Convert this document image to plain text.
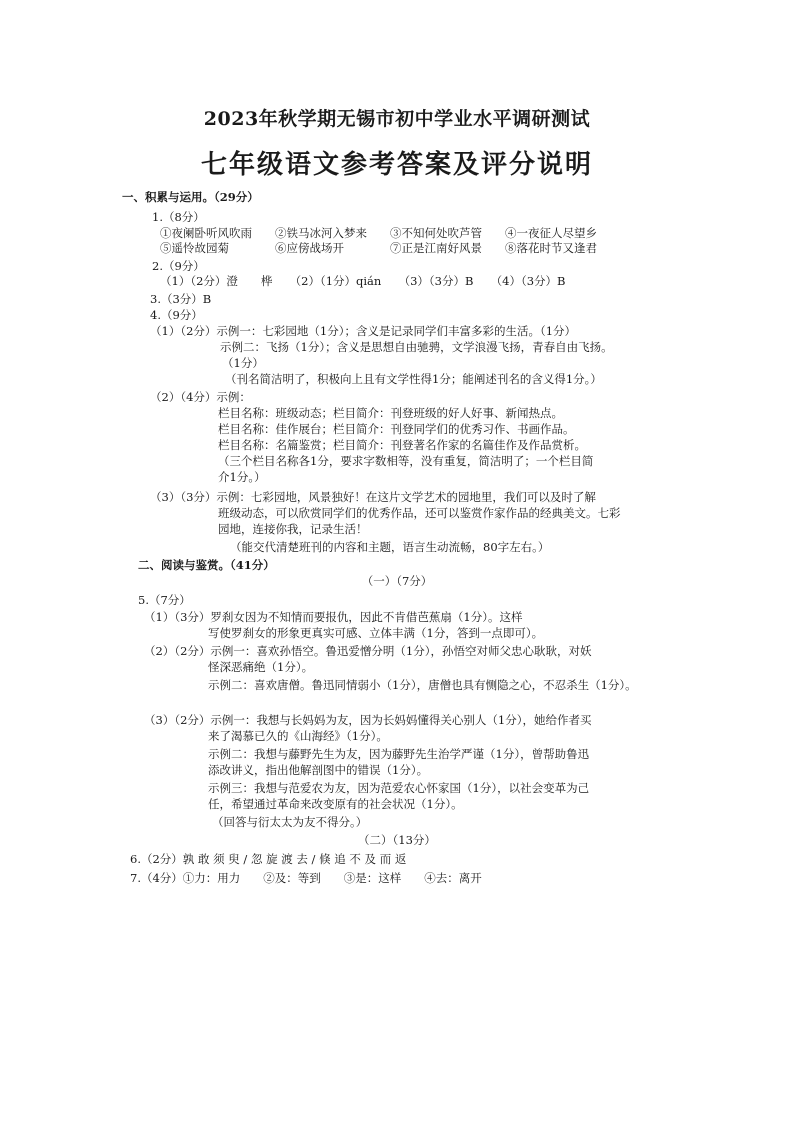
2023年秋学期无锡市初中学业水平调研测试
七年级语文参考答案及评分说明
一、积累与运用。（29分）
1.（8分）
①夜阑卧听风吹雨　　②铁马冰河入梦来　　③不知何处吹芦管　　④一夜征人尽望乡
⑤遥怜故园菊　　　　⑥应傍战场开　　　　⑦正是江南好风景　　⑧落花时节又逢君
2.（9分）
（1）（2分）澄　　桦　　（2）（1分）qián　　（3）（3分）B　　（4）（3分）B
3.（3分）B
4.（9分）
（1）（2分）示例一：七彩园地（1分）；含义是记录同学们丰富多彩的生活。（1分）
示例二：飞扬（1分）；含义是思想自由驰骋，文学浪漫飞扬，青春自由飞扬。
（1分）
（刊名简洁明了，积极向上且有文学性得1分；能阐述刊名的含义得1分。）
（2）（4分）示例：
栏目名称：班级动态；栏目简介：刊登班级的好人好事、新闻热点。
栏目名称：佳作展台；栏目简介：刊登同学们的优秀习作、书画作品。
栏目名称：名篇鉴赏；栏目简介：刊登著名作家的名篇佳作及作品赏析。
（三个栏目名称各1分，要求字数相等，没有重复，简洁明了；一个栏目简
介1分。）
（3）（3分）示例：七彩园地，风景独好！在这片文学艺术的园地里，我们可以及时了解
班级动态，可以欣赏同学们的优秀作品，还可以鉴赏作家作品的经典美文。七彩
园地，连接你我，记录生活！
（能交代清楚班刊的内容和主题，语言生动流畅，80字左右。）
二、阅读与鉴赏。（41分）
（一）（7分）
5.（7分）
（1）（3分）罗刹女因为不知情而要报仇，因此不肯借芭蕉扇（1分）。这样
写使罗刹女的形象更真实可感、立体丰满（1分，答到一点即可）。
（2）（2分）示例一：喜欢孙悟空。鲁迅爱憎分明（1分），孙悟空对师父忠心耿耿，对妖
怪深恶痛绝（1分）。
示例二：喜欢唐僧。鲁迅同情弱小（1分），唐僧也具有恻隐之心，不忍杀生（1分）。
（3）（2分）示例一：我想与长妈妈为友，因为长妈妈懂得关心别人（1分），她给作者买
来了渴慕已久的《山海经》（1分）。
示例二：我想与藤野先生为友，因为藤野先生治学严谨（1分），曾帮助鲁迅
添改讲义，指出他解剖图中的错误（1分）。
示例三：我想与范爱农为友，因为范爱农心怀家国（1分），以社会变革为己
任，希望通过革命来改变原有的社会状况（1分）。
（回答与衍太太为友不得分。）
（二）（13分）
6.（2分）孰 敢 须 臾 / 忽 旋 渡 去 / 倏 追 不 及 而 返
7.（4分）①力：用力　　②及：等到　　③是：这样　　④去：离开
